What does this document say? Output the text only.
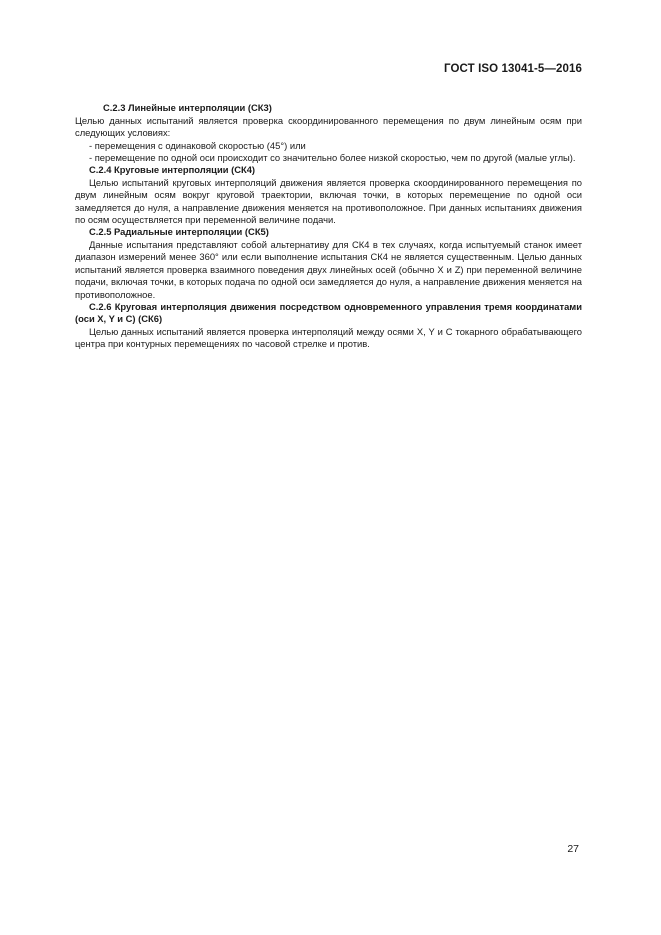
ГОСТ ISO 13041-5—2016

С.2.3 Линейные интерполяции (СК3)

Целью данных испытаний является проверка скоординированного перемещения по двум линейным осям при следующих условиях:

- перемещения с одинаковой скоростью (45°) или

- перемещение по одной оси происходит со значительно более низкой скоростью, чем по другой (малые углы).

С.2.4 Круговые интерполяции (СК4)

Целью испытаний круговых интерполяций движения является проверка скоординированного перемещения по двум линейным осям вокруг круговой траектории, включая точки, в которых перемещение по одной оси замедляется до нуля, а направление движения меняется на противоположное. При данных испытаниях движения по осям осуществляется при переменной величине подачи.

С.2.5 Радиальные интерполяции (СК5)

Данные испытания представляют собой альтернативу для СК4 в тех случаях, когда испытуемый станок имеет диапазон измерений менее 360° или если выполнение испытания СК4 не является существенным. Целью данных испытаний является проверка взаимного поведения двух линейных осей (обычно X и Z) при переменной величине подачи, включая точки, в которых подача по одной оси замедляется до нуля, а направление движения меняется на противоположное.

С.2.6 Круговая интерполяция движения посредством одновременного управления тремя координатами (оси X, Y и С) (СК6)

Целью данных испытаний является проверка интерполяций между осями X, Y и С токарного обрабатывающего центра при контурных перемещениях по часовой стрелке и против.

27
